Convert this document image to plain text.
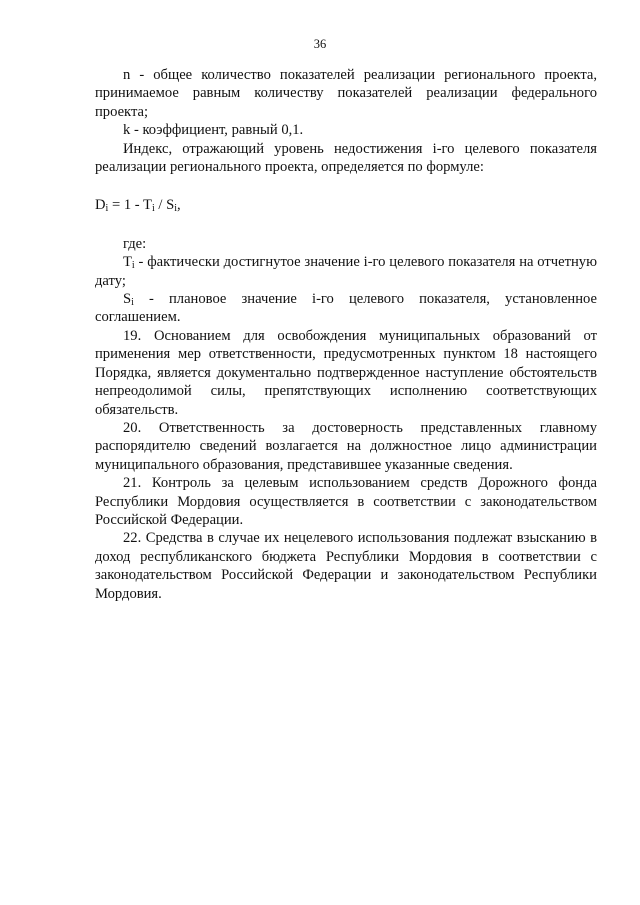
36

n - общее количество показателей реализации регионального проекта, принимаемое равным количеству показателей реализации федерального проекта;

k - коэффициент, равный 0,1.

Индекс, отражающий уровень недостижения i-го целевого показателя реализации регионального проекта, определяется по формуле:

$D_i = 1 - T_i / S_i$,

где:

$T_i$ - фактически достигнутое значение i-го целевого показателя на отчетную дату;

$S_i$ - плановое значение i-го целевого показателя, установленное соглашением.

19. Основанием для освобождения муниципальных образований от применения мер ответственности, предусмотренных пунктом 18 настоящего Порядка, является документально подтвержденное наступление обстоятельств непреодолимой силы, препятствующих исполнению соответствующих обязательств.

20. Ответственность за достоверность представленных главному распорядителю сведений возлагается на должностное лицо администрации муниципального образования, представившее указанные сведения.

21. Контроль за целевым использованием средств Дорожного фонда Республики Мордовия осуществляется в соответствии с законодательством Российской Федерации.

22. Средства в случае их нецелевого использования подлежат взысканию в доход республиканского бюджета Республики Мордовия в соответствии с законодательством Российской Федерации и законодательством Республики Мордовия.
